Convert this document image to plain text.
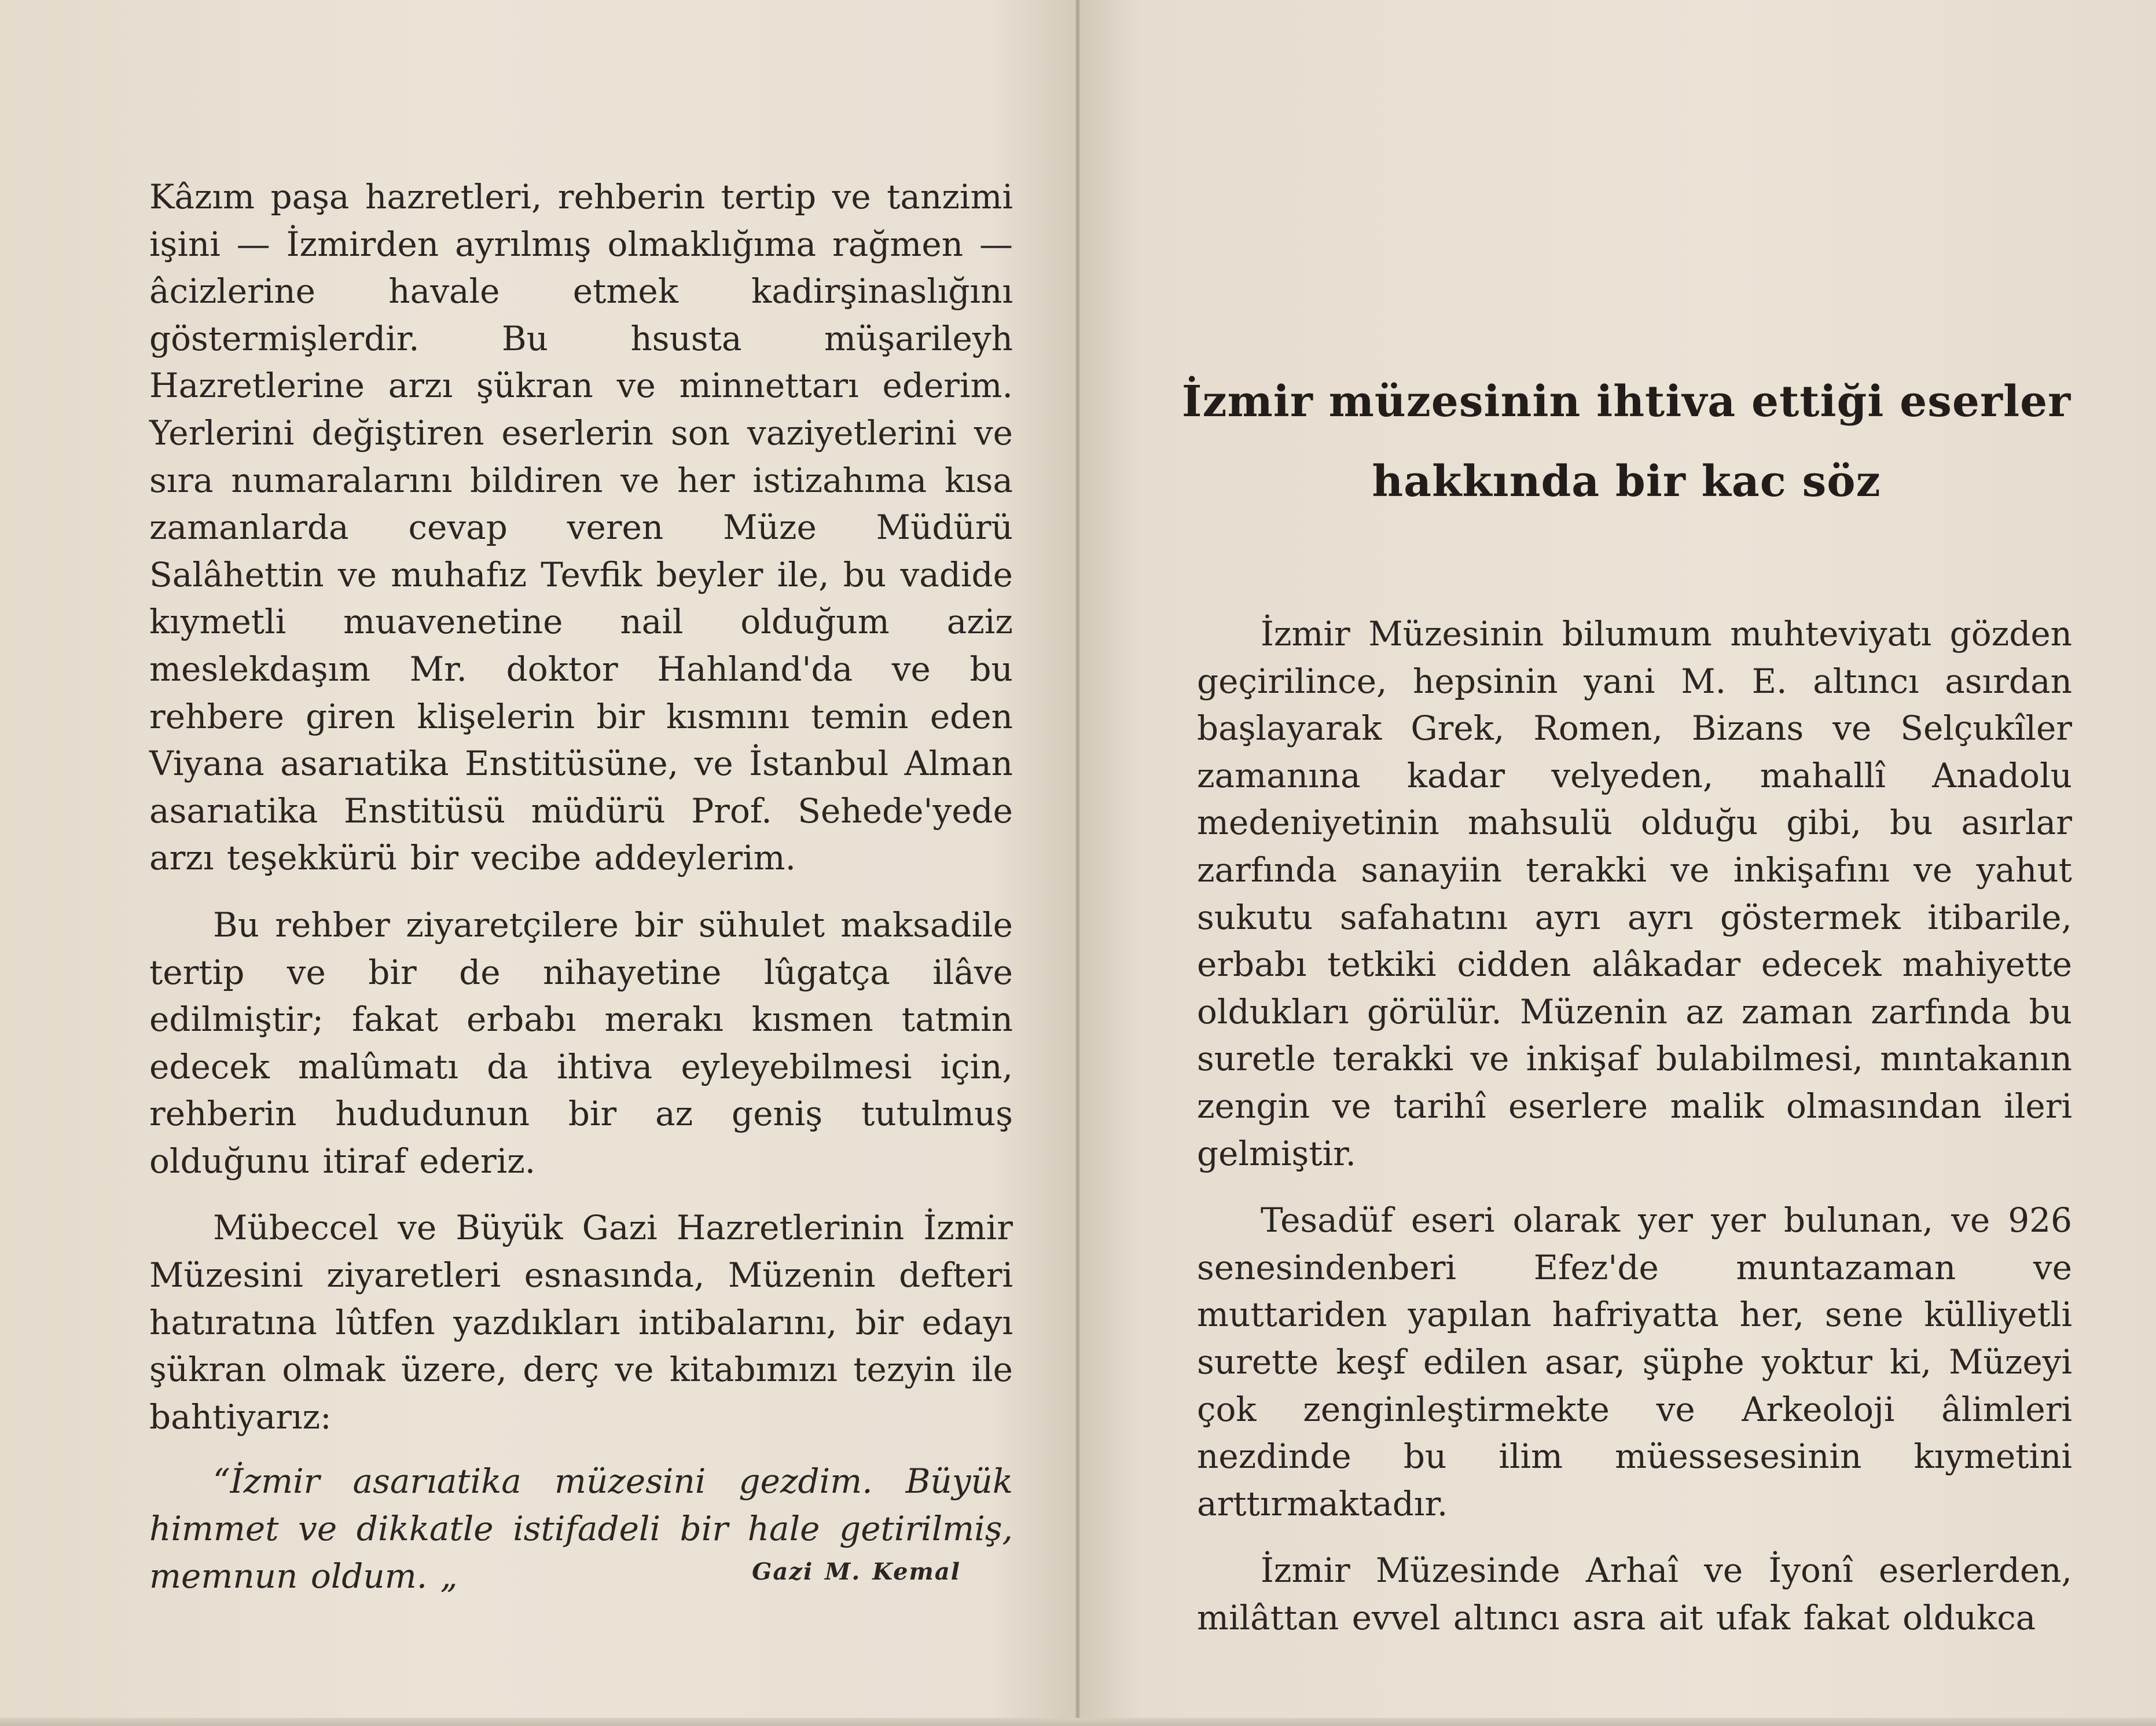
Kâzım paşa hazretleri, rehberin tertip ve tanzimi işini — İzmirden ayrılmış olmaklığıma rağmen — âcizlerine havale etmek kadirşinaslığını göstermişlerdir. Bu hsusta müşarileyh Hazretlerine arzı şükran ve minnettarı ederim. Yerlerini değiştiren eserlerin son vaziyetlerini ve sıra numaralarını bildiren ve her istizahıma kısa zamanlarda cevap veren Müze Müdürü Salâhettin ve muhafız Tevfik beyler ile, bu vadide kıymetli muavenetine nail olduğum aziz meslekdaşım Mr. doktor Hahland'da ve bu rehbere giren klişelerin bir kısmını temin eden Viyana asarıatika Enstitüsüne, ve İstanbul Alman asarıatika Enstitüsü müdürü Prof. Sehede'yede arzı teşekkürü bir vecibe addeylerim.

Bu rehber ziyaretçilere bir sühulet maksadile tertip ve bir de nihayetine lûgatça ilâve edilmiştir; fakat erbabı merakı kısmen tatmin edecek malûmatı da ihtiva eyleyebilmesi için, rehberin hududunun bir az geniş tutulmuş olduğunu itiraf ederiz.

Mübeccel ve Büyük Gazi Hazretlerinin İzmir Müzesini ziyaretleri esnasında, Müzenin defteri hatıratına lûtfen yazdıkları intibalarını, bir edayı şükran olmak üzere, derç ve kitabımızı tezyin ile bahtiyarız:

“İzmir asarıatika müzesini gezdim. Büyük himmet ve dikkatle istifadeli bir hale getirilmiş, memnun oldum. „	Gazi M. Kemal

İzmir müzesinin ihtiva ettiği eserler
hakkında bir kac söz

İzmir Müzesinin bilumum muhteviyatı gözden geçirilince, hepsinin yani M. E. altıncı asırdan başlayarak Grek, Romen, Bizans ve Selçukîler zamanına kadar velyeden, mahallî Anadolu medeniyetinin mahsulü olduğu gibi, bu asırlar zarfında sanayiin terakki ve inkişafını ve yahut sukutu safahatını ayrı ayrı göstermek itibarile, erbabı tetkiki cidden alâkadar edecek mahiyette oldukları görülür. Müzenin az zaman zarfında bu suretle terakki ve inkişaf bulabilmesi, mıntakanın zengin ve tarihî eserlere malik olmasından ileri gelmiştir.

Tesadüf eseri olarak yer yer bulunan, ve 926 senesindenberi Efez'de muntazaman ve muttariden yapılan hafriyatta her, sene külliyetli surette keşf edilen asar, şüphe yoktur ki, Müzeyi çok zenginleştirmekte ve Arkeoloji âlimleri nezdinde bu ilim müessesesinin kıymetini arttırmaktadır.

İzmir Müzesinde Arhaî ve İyonî eserlerden, milâttan evvel altıncı asra ait ufak fakat oldukca
